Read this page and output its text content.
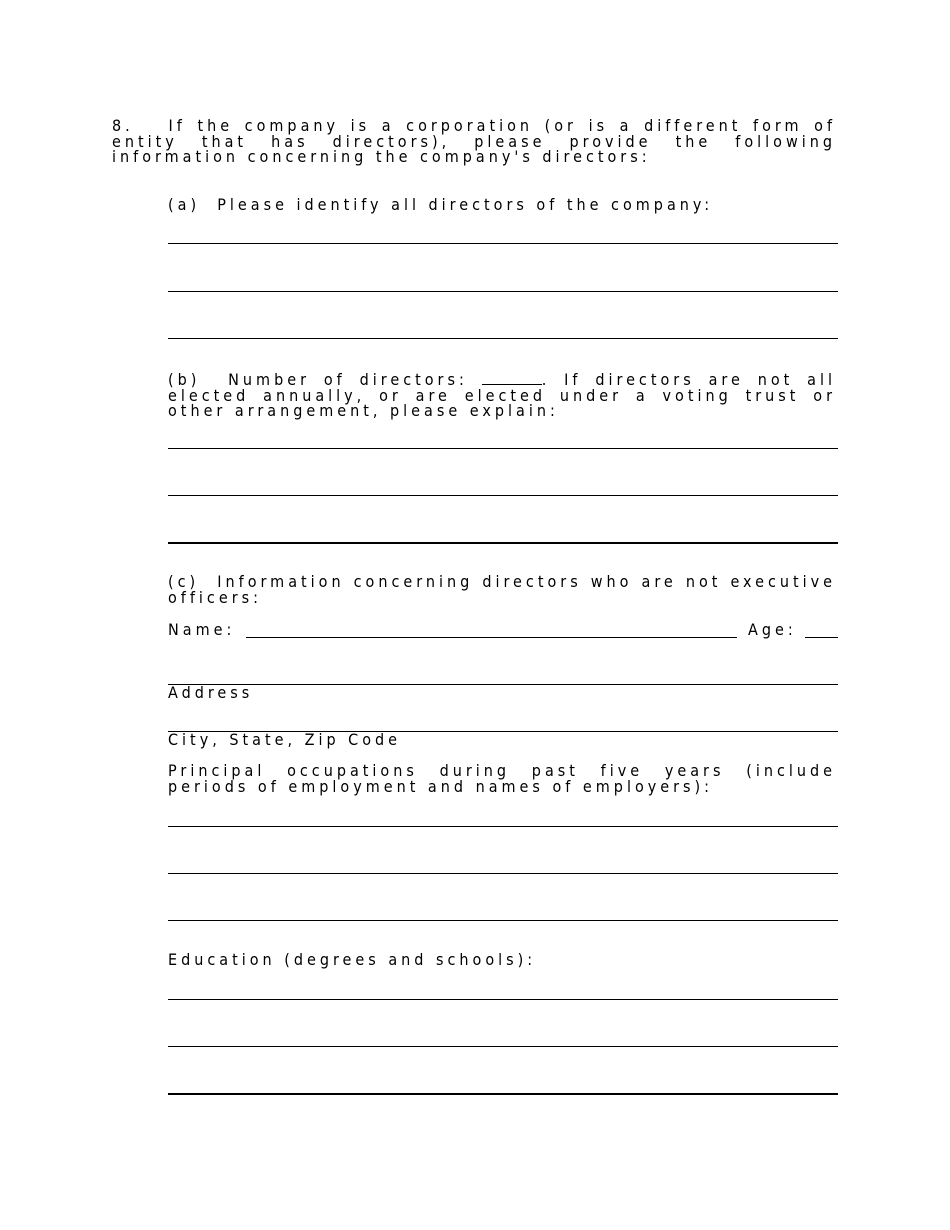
8. If the company is a corporation (or is a different form of entity that has directors), please provide the following information concerning the company's directors:

(a) Please identify all directors of the company:

(b) Number of directors:	. If directors are not all elected annually, or are elected under a voting trust or other arrangement, please explain:

(c) Information concerning directors who are not executive officers:

Name:	Age:

Address

City, State, Zip Code

Principal occupations during past five years (include periods of employment and names of employers):

Education (degrees and schools):
